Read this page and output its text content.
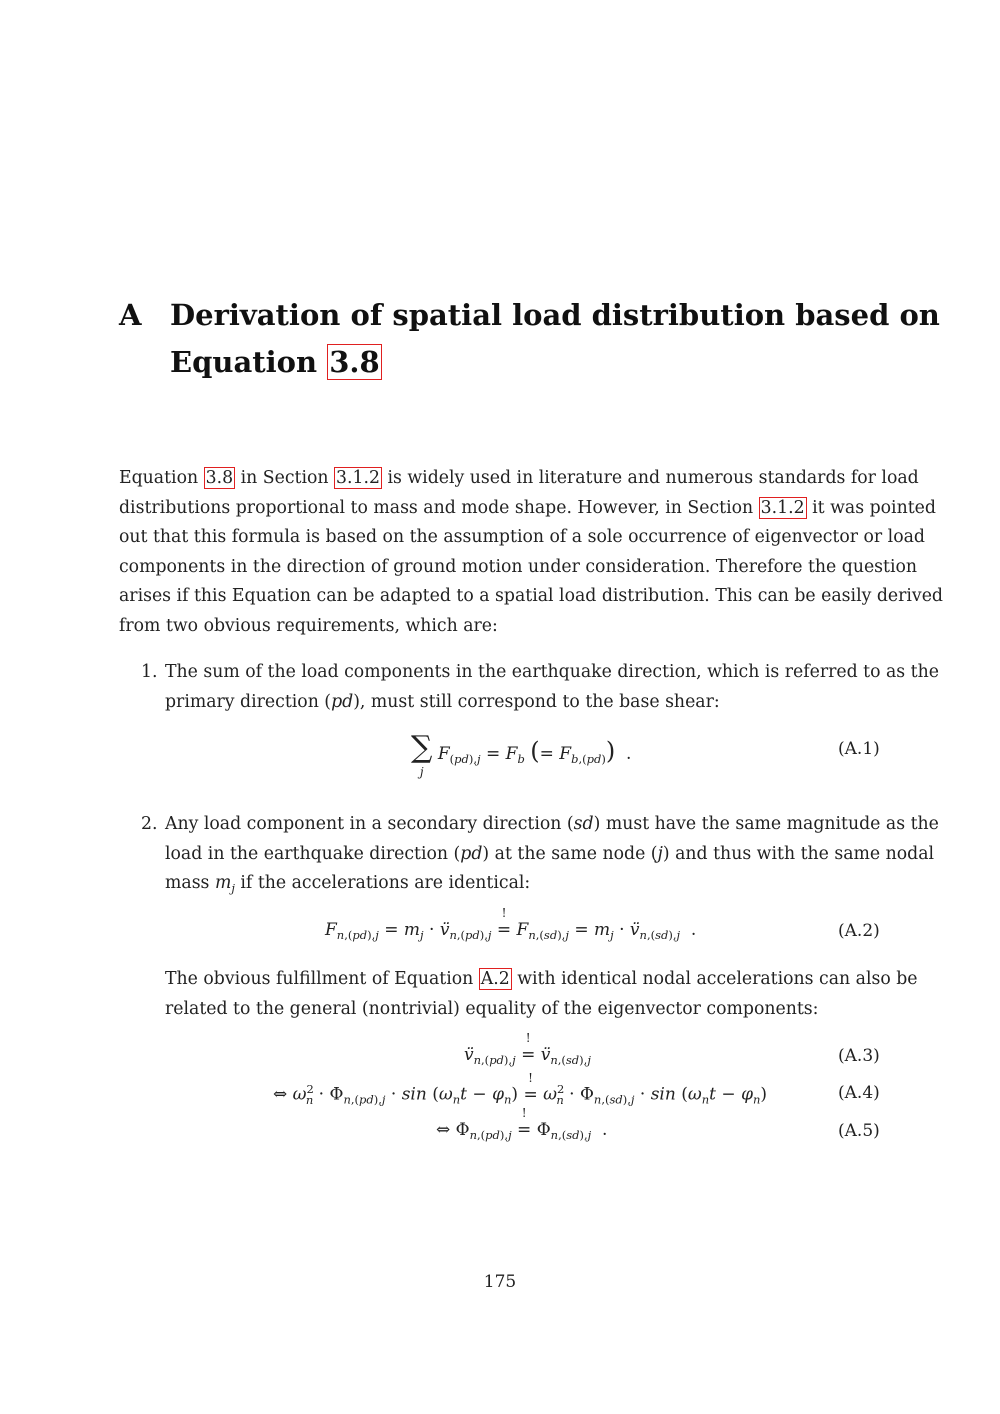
A Derivation of spatial load distribution based on
Equation 3.8
Equation 3.8 in Section 3.1.2 is widely used in literature and numerous standards for load
distributions proportional to mass and mode shape. However, in Section 3.1.2 it was pointed
out that this formula is based on the assumption of a sole occurrence of eigenvector or load
components in the direction of ground motion under consideration. Therefore the question
arises if this Equation can be adapted to a spatial load distribution. This can be easily derived
from two obvious requirements, which are:
1. The sum of the load components in the earthquake direction, which is referred to as the
primary direction (pd), must still correspond to the base shear:
∑
j $F_{(pd),j} = F_b$ (= $F_{b,(pd)}$)  .	(A.1)
2. Any load component in a secondary direction (sd) must have the same magnitude as the
load in the earthquake direction (pd) at the same node (j) and thus with the same nodal
mass $m_j$ if the accelerations are identical:
$F_{n,(pd),j} = m_j$ · $v̈_{n,(pd),j}$ =
!
$F_{n,(sd),j} = m_j$ · $v̈_{n,(sd),j}$  .	(A.2)
The obvious fulfillment of Equation A.2 with identical nodal accelerations can also be
related to the general (nontrivial) equality of the eigenvector components:
$v̈_{n,(pd),j}$ =
!
$v̈_{n,(sd),j}$	(A.3)
⇔ $\omega^2_n \cdot \Phi_{n,(pd),j} \cdot \sin (\omega_nt - \varphi_n)$ =
!
$\omega^2_n \cdot \Phi_{n,(sd),j} \cdot \sin (\omega_nt - \varphi_n)$	(A.4)
⇔ $\Phi_{n,(pd),j}$ =
!
$\Phi_{n,(sd),j}$  .	(A.5)
175
